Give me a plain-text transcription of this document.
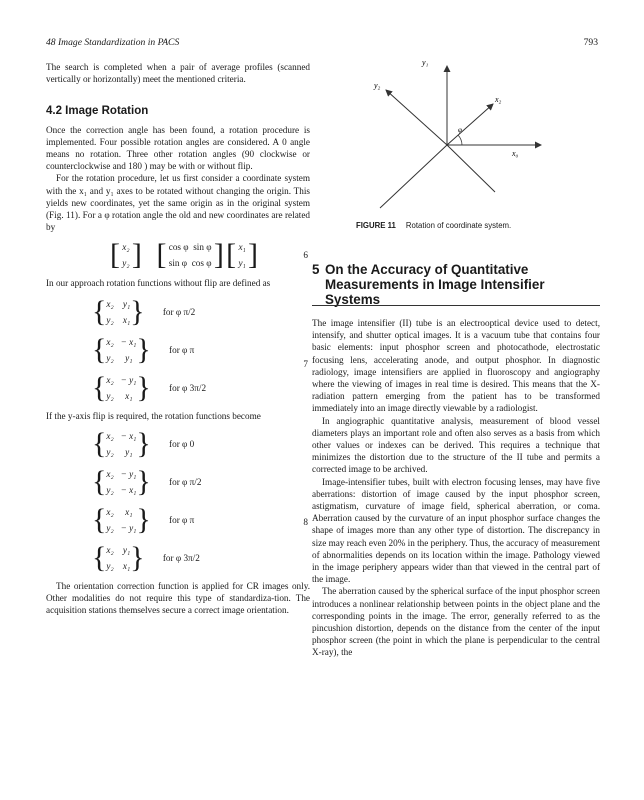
48 Image Standardization in PACS	793

The search is completed when a pair of average profiles (scanned vertically or horizontally) meet the mentioned criteria.

4.2 Image Rotation

Once the correction angle has been found, a rotation procedure is implemented. Four possible rotation angles are considered. A 0 angle means no rotation. Three other rotation angles (90 clockwise or counterclockwise and 180 ) may be with or without flip.

For the rotation procedure, let us first consider a coordinate system with the x₁ and y₁ axes to be rotated without changing the origin. This yields new coordinates, yet the same origin as in the original system (Fig. 11). For a φ rotation angle the old and new coordinates are related by

[ x₂
y₂ ] [ cos φ sin φ
sin φ cos φ ] [ x₁
y₁ ]	6

In our approach rotation functions without flip are defined as

{ x₂    y₁
y₂    x₁ } for φ π/2
{ x₂   − x₁
y₂     y₁ } for φ π
{ x₂   − y₁
y₂     x₁ } for φ 3π/2
7

If the y-axis flip is required, the rotation functions become

{ x₂   − x₁
y₂     y₁ } for φ 0
{ x₂   − y₁
y₂   − x₁ } for φ π/2
{ x₂     x₁
y₂   − y₁ } for φ π
{ x₂    y₁
y₂    x₁ } for φ 3π/2
8

The orientation correction function is applied for CR images only. Other modalities do not require this type of standardiza-tion. The acquisition stations themselves secure a correct image orientation.

y₁
y₂
x₂
x₀
φ
FIGURE 11 Rotation of coordinate system.
5 On the Accuracy of Quantitative Measurements in Image Intensifier Systems

The image intensifier (II) tube is an electrooptical device used to detect, intensify, and shutter optical images. It is a vacuum tube that contains four basic elements: input phosphor screen and photocathode, electrostatic focusing lens, accelerating anode, and output phosphor. In diagnostic radiology, image intensifiers are applied in fluoroscopy and angiography where the viewing of images in real time is desired. This means that the X-radiation pattern emerging from the patient has to be transformed immediately into an image directly viewable by a radiologist.

In angiographic quantitative analysis, measurement of blood vessel diameters plays an important role and often also serves as a basis from which other values or indexes can be derived. This requires a technique that minimizes the distortion due to the structure of the II tube and permits a corrected image to be archived.

Image-intensifier tubes, built with electron focusing lenses, may have five aberrations: distortion of image caused by the input phosphor screen, astigmatism, curvature of image field, spherical aberration, or coma. Aberration caused by the curvature of an input phosphor surface changes the shape of images more than any other type of distortion. The discrepancy in size may reach even 20% in the periphery. Thus, the accuracy of measurement of abnormalities depends on its location within the image. Pathology viewed in the image periphery appears wider than that viewed in the central part of the image.

The aberration caused by the spherical surface of the input phosphor screen introduces a nonlinear relationship between points in the object plane and the corresponding points in the image. The error, generally referred to as the pincushion distortion, depends on the distance from the center of the input phosphor screen (the point in which the plane is perpendicular to the central X-ray), the
